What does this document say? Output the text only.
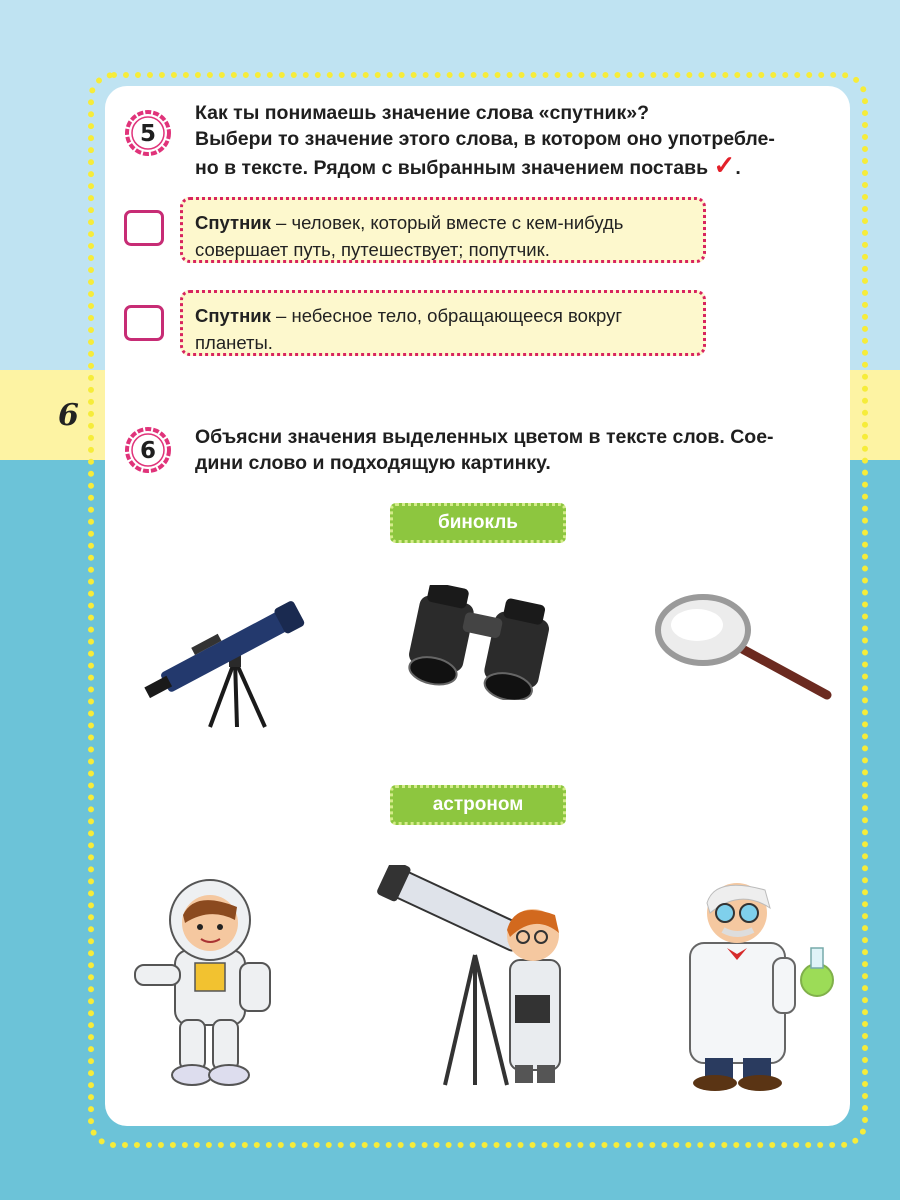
6
5
Как ты понимаешь значение слова «спутник»?
Выбери то значение этого слова, в котором оно употребле-
но в тексте. Рядом с выбранным значением поставь ✓.
Спутник – человек, который вместе с кем-нибудь
совершает путь, путешествует; попутчик.
Спутник – небесное тело, обращающееся вокруг
планеты.
6
Объясни значения выделенных цветом в тексте слов. Сое-
дини слово и подходящую картинку.
бинокль
астроном
